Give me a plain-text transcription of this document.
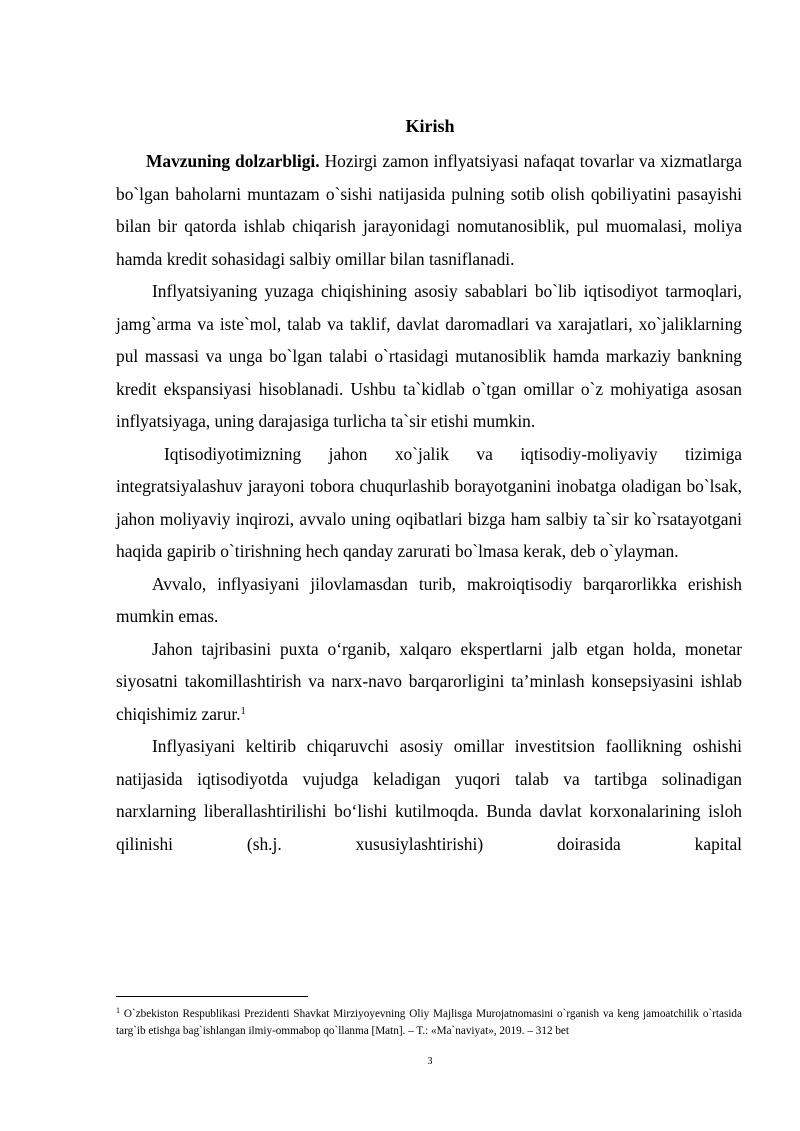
Kirish

Mavzuning dolzarbligi. Hozirgi zamon inflyatsiyasi nafaqat tovarlar va xizmatlarga bo`lgan baholarni muntazam o`sishi natijasida pulning sotib olish qobiliyatini pasayishi bilan bir qatorda ishlab chiqarish jarayonidagi nomutanosiblik, pul muomalasi, moliya hamda kredit sohasidagi salbiy omillar bilan tasniflanadi.

Inflyatsiyaning yuzaga chiqishining asosiy sabablari bo`lib iqtisodiyot tarmoqlari, jamg`arma va iste`mol, talab va taklif, davlat daromadlari va xarajatlari, xo`jaliklarning pul massasi va unga bo`lgan talabi o`rtasidagi mutanosiblik hamda markaziy bankning kredit ekspansiyasi hisoblanadi. Ushbu ta`kidlab o`tgan omillar o`z mohiyatiga asosan inflyatsiyaga, uning darajasiga turlicha ta`sir etishi mumkin.

Iqtisodiyotimizning jahon xo`jalik va iqtisodiy-moliyaviy tizimiga integratsiyalashuv jarayoni tobora chuqurlashib borayotganini inobatga oladigan bo`lsak, jahon moliyaviy inqirozi, avvalo uning oqibatlari bizga ham salbiy ta`sir ko`rsatayotgani haqida gapirib o`tirishning hech qanday zarurati bo`lmasa kerak, deb o`ylayman.

Avvalo, inflyasiyani jilovlamasdan turib, makroiqtisodiy barqarorlikka erishish mumkin emas.

Jahon tajribasini puxta o‘rganib, xalqaro ekspertlarni jalb etgan holda, monetar siyosatni takomillashtirish va narx-navo barqarorligini ta’minlash konsepsiyasini ishlab chiqishimiz zarur.$^1$

Inflyasiyani keltirib chiqaruvchi asosiy omillar investitsion faollikning oshishi natijasida iqtisodiyotda vujudga keladigan yuqori talab va tartibga solinadigan narxlarning liberallashtirilishi bo‘lishi kutilmoqda. Bunda davlat korxonalarining isloh qilinishi (sh.j. xususiylashtirishi) doirasida kapital

$^1$ O`zbekiston Respublikasi Prezidenti Shavkat Mirziyoyevning Oliy Majlisga Murojatnomasini o`rganish va keng jamoatchilik o`rtasida targ`ib etishga bag`ishlangan ilmiy-ommabop qo`llanma [Matn]. – T.: «Ma`naviyat», 2019. – 312 bet
3
